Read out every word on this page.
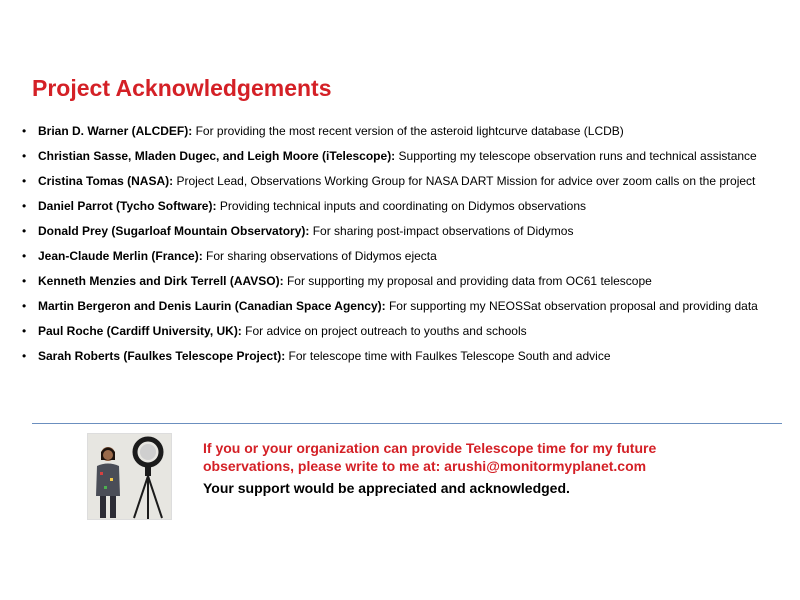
Project Acknowledgements
• Brian D. Warner (ALCDEF): For providing the most recent version of the asteroid lightcurve database (LCDB)
• Christian Sasse, Mladen Dugec, and Leigh Moore (iTelescope): Supporting my telescope observation runs and technical assistance
• Cristina Tomas (NASA): Project Lead, Observations Working Group for NASA DART Mission for advice over zoom calls on the project
• Daniel Parrot (Tycho Software): Providing technical inputs and coordinating on Didymos observations
• Donald Prey (Sugarloaf Mountain Observatory): For sharing post-impact observations of Didymos
• Jean-Claude Merlin (France): For sharing observations of Didymos ejecta
• Kenneth Menzies and Dirk Terrell (AAVSO): For supporting my proposal and providing data from OC61 telescope
• Martin Bergeron and Denis Laurin (Canadian Space Agency): For supporting my NEOSSat observation proposal and providing data
• Paul Roche (Cardiff University, UK): For advice on project outreach to youths and schools
• Sarah Roberts (Faulkes Telescope Project): For telescope time with Faulkes Telescope South and advice
If you or your organization can provide Telescope time for my future
observations, please write to me at: arushi@monitormyplanet.com
Your support would be appreciated and acknowledged.
